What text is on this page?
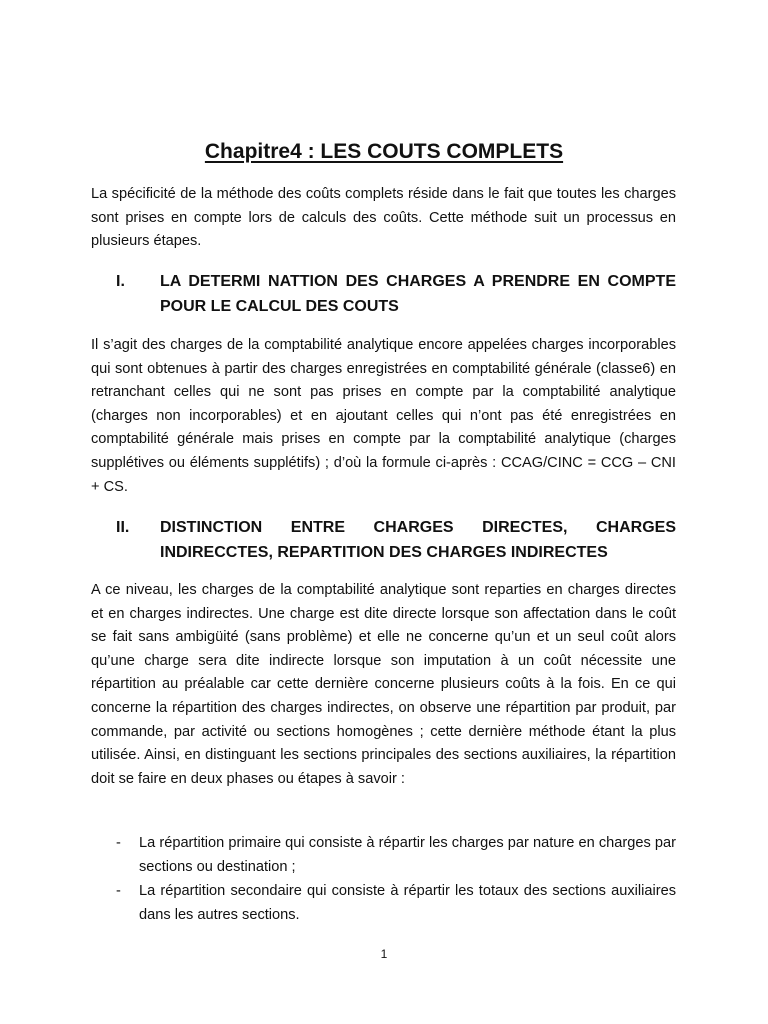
Chapitre4 : LES COUTS COMPLETS

La spécificité de la méthode des coûts complets réside dans le fait que toutes les charges sont prises en compte lors de calculs des coûts. Cette méthode suit un processus en plusieurs étapes.

I. LA DETERMI NATTION DES CHARGES A PRENDRE EN COMPTE POUR LE CALCUL DES COUTS

Il s’agit des charges de la comptabilité analytique encore appelées charges incorporables qui sont obtenues à partir des charges enregistrées en comptabilité générale (classe6) en retranchant celles qui ne sont pas prises en compte par la comptabilité analytique (charges non incorporables) et en ajoutant celles qui n’ont pas été enregistrées en comptabilité générale mais prises en compte par la comptabilité analytique (charges supplétives ou éléments supplétifs) ; d’où la formule ci-après : CCAG/CINC = CCG – CNI + CS.

II. DISTINCTION ENTRE CHARGES DIRECTES, CHARGES INDIRECCTES, REPARTITION DES CHARGES INDIRECTES

A ce niveau, les charges de la comptabilité analytique sont reparties en charges directes et en charges indirectes. Une charge est dite directe lorsque son affectation dans le coût se fait sans ambigüité (sans problème) et elle ne concerne qu’un et un seul coût alors qu’une charge sera dite indirecte lorsque son imputation à un coût nécessite une répartition au préalable car cette dernière concerne plusieurs coûts à la fois. En ce qui concerne la répartition des charges indirectes, on observe une répartition par produit, par commande, par activité ou sections homogènes ; cette dernière méthode étant la plus utilisée. Ainsi, en distinguant les sections principales des sections auxiliaires, la répartition doit se faire en deux phases ou étapes à savoir :

- La répartition primaire qui consiste à répartir les charges par nature en charges par sections ou destination ;
- La répartition secondaire qui consiste à répartir les totaux des sections auxiliaires dans les autres sections.
1
